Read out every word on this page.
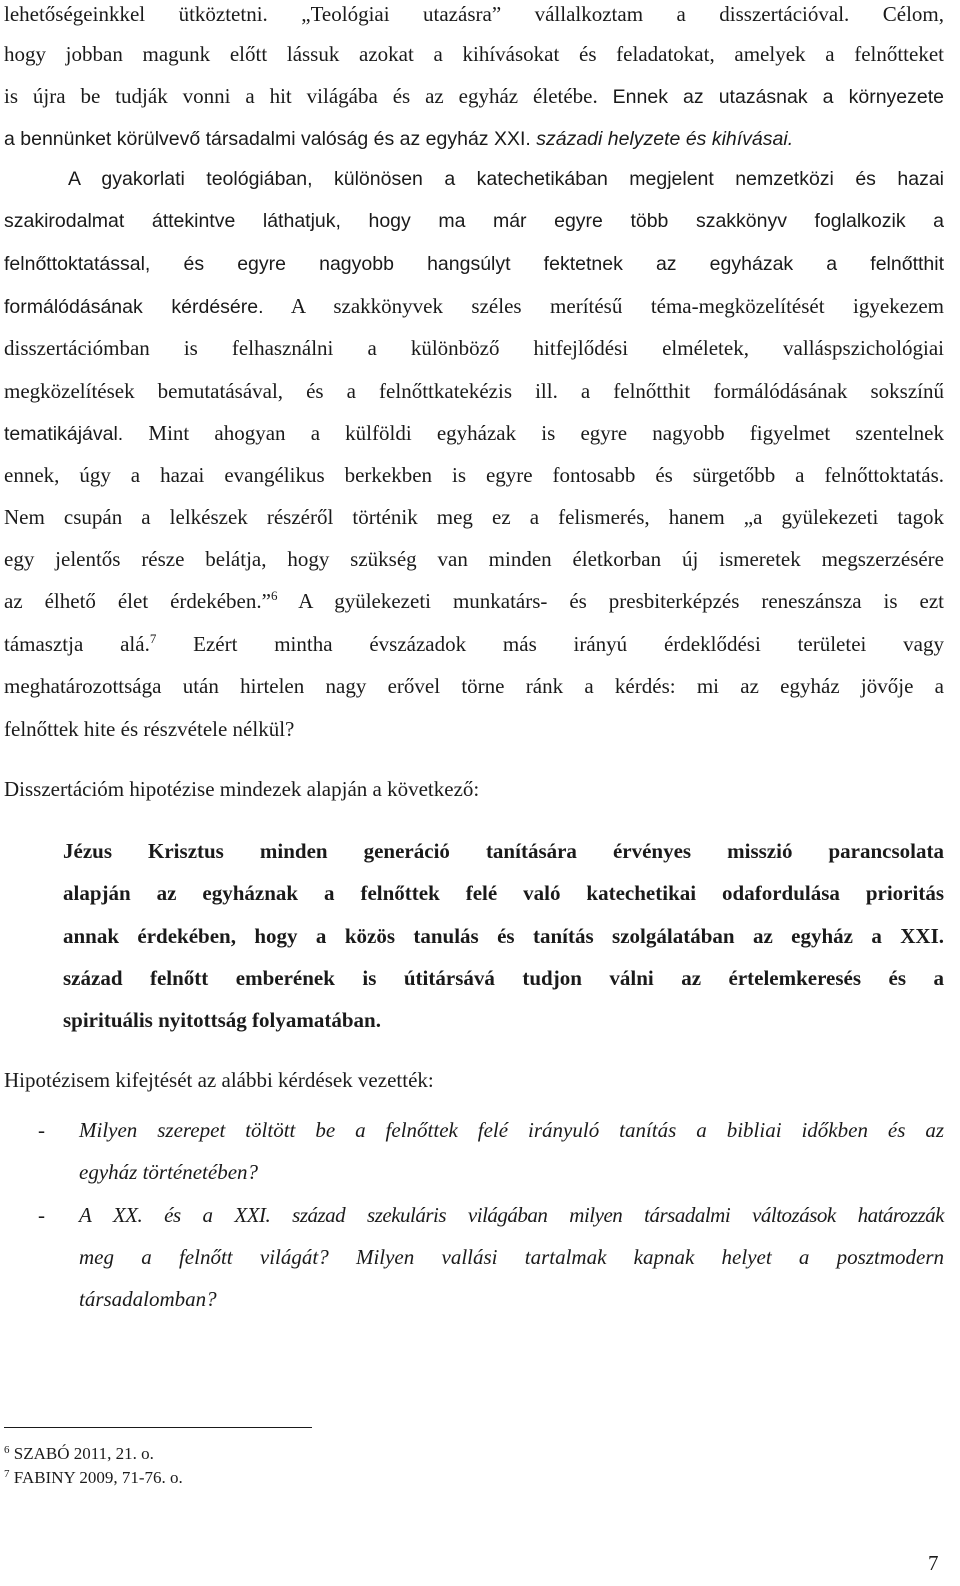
lehetőségeinkkel ütköztetni. „Teológiai utazásra” vállalkoztam a disszertációval. Célom,
hogy jobban magunk előtt lássuk azokat a kihívásokat és feladatokat, amelyek a felnőtteket
is újra be tudják vonni a hit világába és az egyház életébe. Ennek az utazásnak a környezete
a bennünket körülvevő társadalmi valóság és az egyház XXI. századi helyzete és kihívásai.
A gyakorlati teológiában, különösen a katechetikában megjelent nemzetközi és hazai
szakirodalmat áttekintve láthatjuk, hogy ma már egyre több szakkönyv foglalkozik a
felnőttoktatással, és egyre nagyobb hangsúlyt fektetnek az egyházak a felnőtthit
formálódásának kérdésére. A szakkönyvek széles merítésű téma-megközelítését igyekezem
disszertációmban is felhasználni a különböző hitfejlődési elméletek, valláspszichológiai
megközelítések bemutatásával, és a felnőttkatekézis ill. a felnőtthit formálódásának sokszínű
tematikájával. Mint ahogyan a külföldi egyházak is egyre nagyobb figyelmet szentelnek
ennek, úgy a hazai evangélikus berkekben is egyre fontosabb és sürgetőbb a felnőttoktatás.
Nem csupán a lelkészek részéről történik meg ez a felismerés, hanem „a gyülekezeti tagok
egy jelentős része belátja, hogy szükség van minden életkorban új ismeretek megszerzésére
az élhető élet érdekében.”$^6$ A gyülekezeti munkatárs- és presbiterképzés reneszánsza is ezt
támasztja alá.$^7$ Ezért mintha évszázadok más irányú érdeklődési területei vagy
meghatározottsága után hirtelen nagy erővel törne ránk a kérdés: mi az egyház jövője a
felnőttek hite és részvétele nélkül?
Disszertációm hipotézise mindezek alapján a következő:
Jézus Krisztus minden generáció tanítására érvényes misszió parancsolata
alapján az egyháznak a felnőttek felé való katechetikai odafordulása prioritás
annak érdekében, hogy a közös tanulás és tanítás szolgálatában az egyház a XXI.
század felnőtt emberének is útitársává tudjon válni az értelemkeresés és a
spirituális nyitottság folyamatában.
Hipotézisem kifejtését az alábbi kérdések vezették:
- Milyen szerepet töltött be a felnőttek felé irányuló tanítás a bibliai időkben és az
egyház történetében?
- A XX. és a XXI. század szekuláris világában milyen társadalmi változások határozzák
meg a felnőtt világát? Milyen vallási tartalmak kapnak helyet a posztmodern
társadalomban?
$^6$ SZABÓ 2011, 21. o.
$^7$ FABINY 2009, 71-76. o.
7
